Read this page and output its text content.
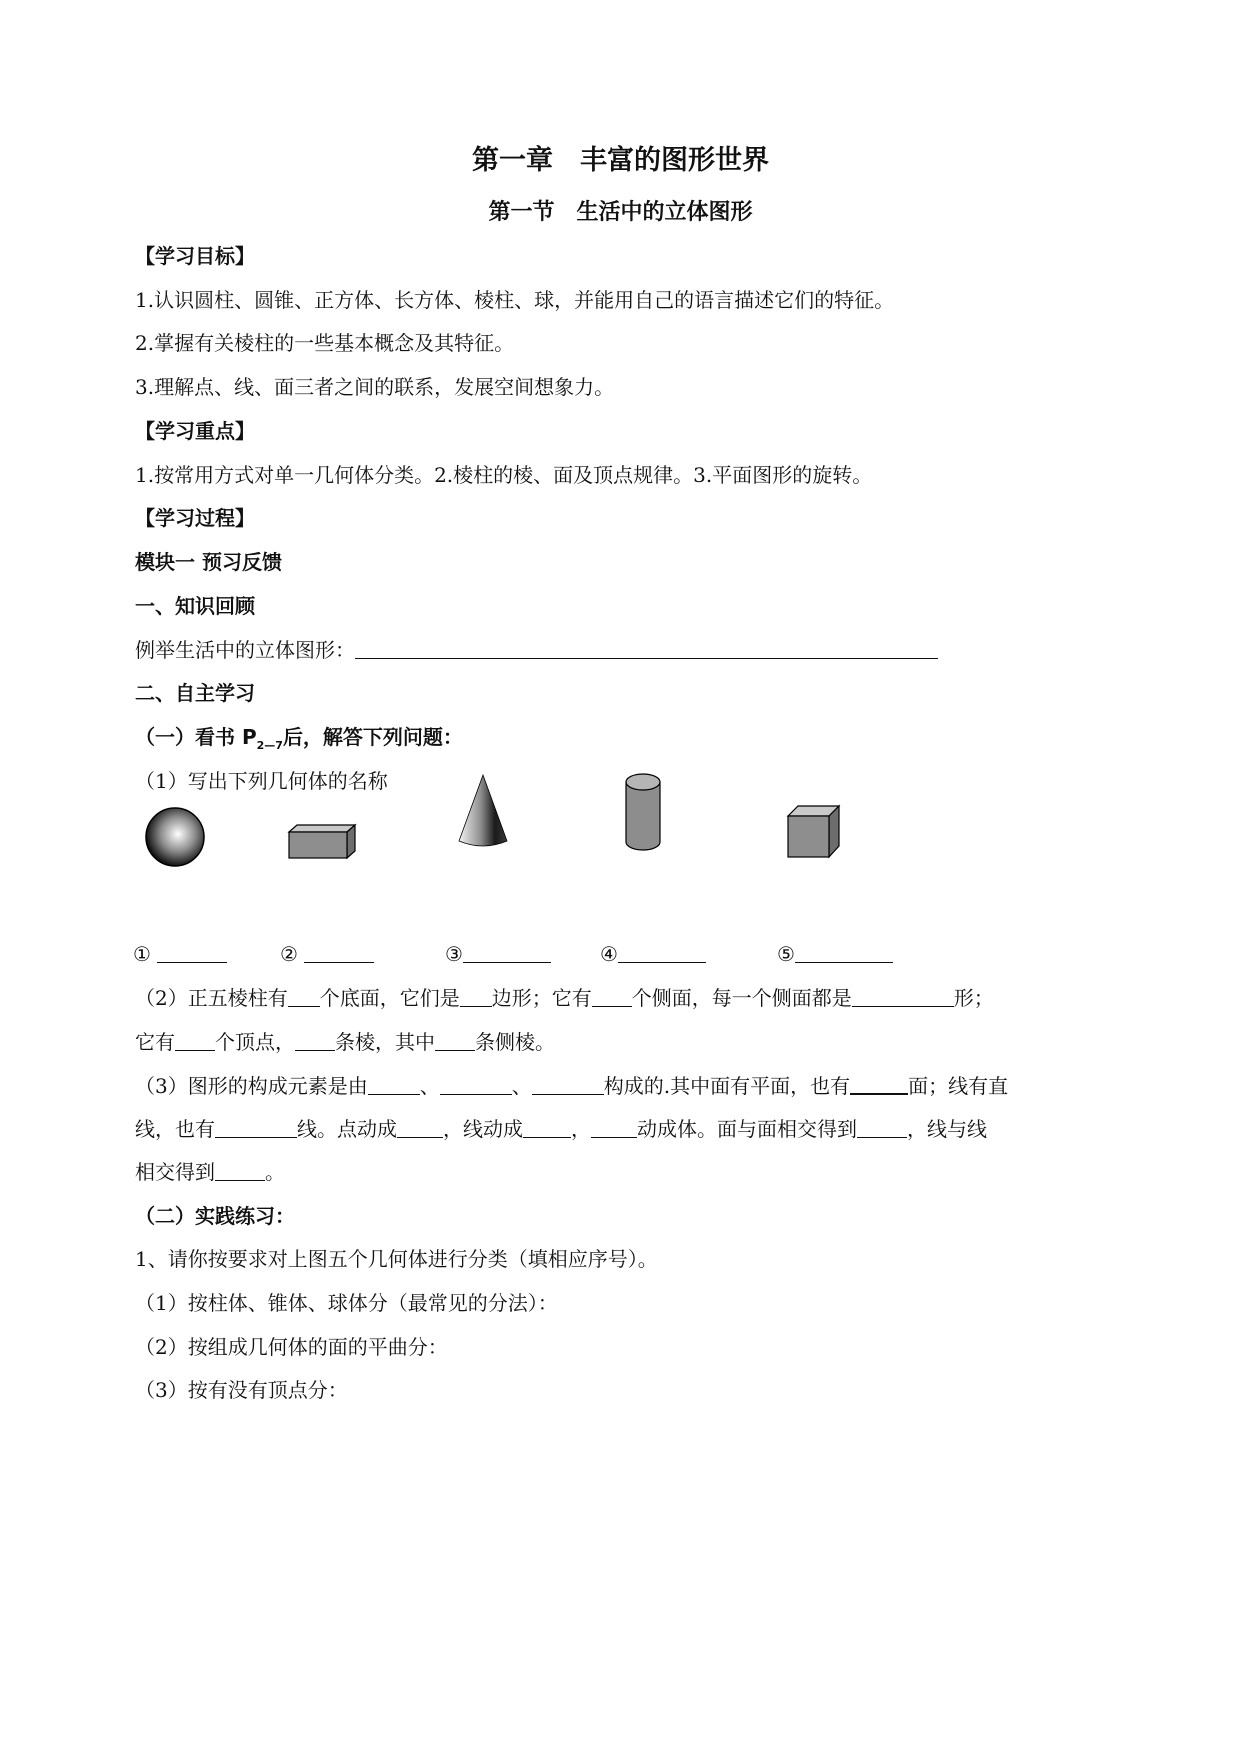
第一章　丰富的图形世界
第一节　生活中的立体图形
【学习目标】
1.认识圆柱、圆锥、正方体、长方体、棱柱、球，并能用自己的语言描述它们的特征。
2.掌握有关棱柱的一些基本概念及其特征。
3.理解点、线、面三者之间的联系，发展空间想象力。
【学习重点】
1.按常用方式对单一几何体分类。2.棱柱的棱、面及顶点规律。3.平面图形的旋转。
【学习过程】
模块一 预习反馈
一、知识回顾
例举生活中的立体图形：
二、自主学习
（一）看书 $P_{2—7}$后，解答下列问题：
（1）写出下列几何体的名称
①	②	③	④	⑤
（2）正五棱柱有 个底面，它们是 边形；它有 个侧面，每一个侧面都是	形；
它有 个顶点， 条棱，其中 条侧棱。
（3）图形的构成元素是由	、	、	构成的.其中面有平面，也有	面；线有直
线，也有	线。点动成 ，线动成 ， 动成体。面与面相交得到	，线与线
相交得到	。
（二）实践练习：
1、请你按要求对上图五个几何体进行分类（填相应序号）。
（1）按柱体、锥体、球体分（最常见的分法）：
（2）按组成几何体的面的平曲分：
（3）按有没有顶点分：
